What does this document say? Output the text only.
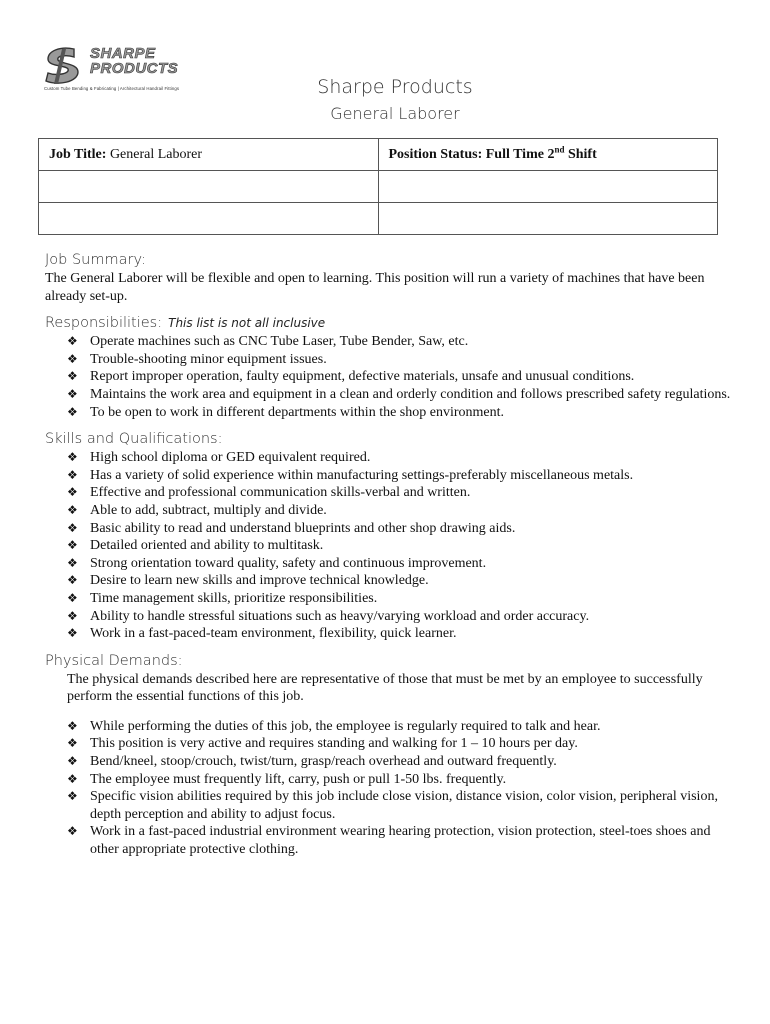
SHARPE
PRODUCTS
Custom Tube Bending & Fabricating | Architectural Handrail Fittings	Sharpe Products
General Laborer
Job Title: General Laborer	Position Status: Full Time 2nd Shift

Job Summary:

The General Laborer will be flexible and open to learning. This position will run a variety of machines that have been already set-up.

Responsibilities: This list is not all inclusive
❖ Operate machines such as CNC Tube Laser, Tube Bender, Saw, etc.
❖ Trouble-shooting minor equipment issues.
❖ Report improper operation, faulty equipment, defective materials, unsafe and unusual conditions.
❖ Maintains the work area and equipment in a clean and orderly condition and follows prescribed safety regulations.
❖ To be open to work in different departments within the shop environment.
Skills and Qualifications:
❖ High school diploma or GED equivalent required.
❖ Has a variety of solid experience within manufacturing settings-preferably miscellaneous metals.
❖ Effective and professional communication skills-verbal and written.
❖ Able to add, subtract, multiply and divide.
❖ Basic ability to read and understand blueprints and other shop drawing aids.
❖ Detailed oriented and ability to multitask.
❖ Strong orientation toward quality, safety and continuous improvement.
❖ Desire to learn new skills and improve technical knowledge.
❖ Time management skills, prioritize responsibilities.
❖ Ability to handle stressful situations such as heavy/varying workload and order accuracy.
❖ Work in a fast-paced-team environment, flexibility, quick learner.
Physical Demands:

The physical demands described here are representative of those that must be met by an employee to successfully perform the essential functions of this job.

❖ While performing the duties of this job, the employee is regularly required to talk and hear.
❖ This position is very active and requires standing and walking for 1 – 10 hours per day.
❖ Bend/kneel, stoop/crouch, twist/turn, grasp/reach overhead and outward frequently.
❖ The employee must frequently lift, carry, push or pull 1-50 lbs. frequently.
❖ Specific vision abilities required by this job include close vision, distance vision, color vision, peripheral vision, depth perception and ability to adjust focus.
❖ Work in a fast-paced industrial environment wearing hearing protection, vision protection, steel-toes shoes and other appropriate protective clothing.
